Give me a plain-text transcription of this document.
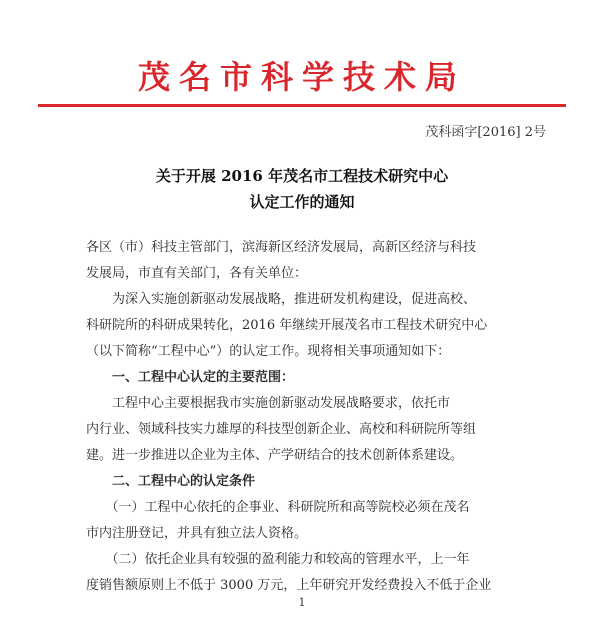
茂名市科学技术局
茂科函字[2016] 2号
关于开展 2016 年茂名市工程技术研究中心
认定工作的通知
各区（市）科技主管部门，滨海新区经济发展局，高新区经济与科技
发展局，市直有关部门，各有关单位：
　　为深入实施创新驱动发展战略，推进研发机构建设，促进高校、
科研院所的科研成果转化，2016 年继续开展茂名市工程技术研究中心
（以下简称“工程中心”）的认定工作。现将相关事项通知如下：
　　一、工程中心认定的主要范围：
　　工程中心主要根据我市实施创新驱动发展战略要求，依托市
内行业、领域科技实力雄厚的科技型创新企业、高校和科研院所等组
建。进一步推进以企业为主体、产学研结合的技术创新体系建设。
　　二、工程中心的认定条件
　　（一）工程中心依托的企事业、科研院所和高等院校必须在茂名
市内注册登记，并具有独立法人资格。
　　（二）依托企业具有较强的盈利能力和较高的管理水平，上一年
度销售额原则上不低于 3000 万元，上年研究开发经费投入不低于企业
1
